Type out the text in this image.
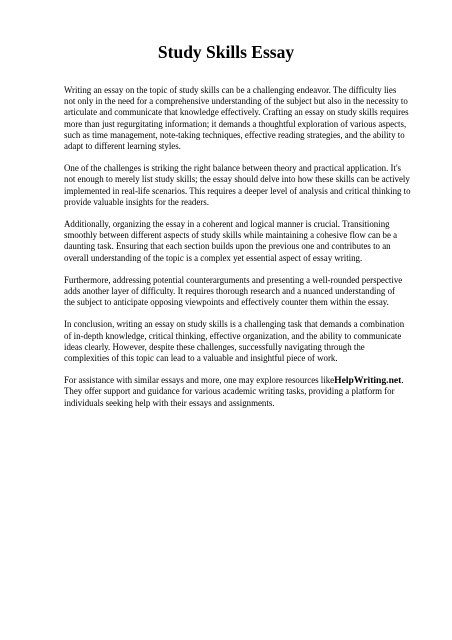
Study Skills Essay

Writing an essay on the topic of study skills can be a challenging endeavor. The difficulty lies
not only in the need for a comprehensive understanding of the subject but also in the necessity to
articulate and communicate that knowledge effectively. Crafting an essay on study skills requires
more than just regurgitating information; it demands a thoughtful exploration of various aspects,
such as time management, note-taking techniques, effective reading strategies, and the ability to
adapt to different learning styles.

One of the challenges is striking the right balance between theory and practical application. It's
not enough to merely list study skills; the essay should delve into how these skills can be actively
implemented in real-life scenarios. This requires a deeper level of analysis and critical thinking to
provide valuable insights for the readers.

Additionally, organizing the essay in a coherent and logical manner is crucial. Transitioning
smoothly between different aspects of study skills while maintaining a cohesive flow can be a
daunting task. Ensuring that each section builds upon the previous one and contributes to an
overall understanding of the topic is a complex yet essential aspect of essay writing.

Furthermore, addressing potential counterarguments and presenting a well-rounded perspective
adds another layer of difficulty. It requires thorough research and a nuanced understanding of
the subject to anticipate opposing viewpoints and effectively counter them within the essay.

In conclusion, writing an essay on study skills is a challenging task that demands a combination
of in-depth knowledge, critical thinking, effective organization, and the ability to communicate
ideas clearly. However, despite these challenges, successfully navigating through the
complexities of this topic can lead to a valuable and insightful piece of work.

For assistance with similar essays and more, one may explore resources likeHelpWriting.net.
They offer support and guidance for various academic writing tasks, providing a platform for
individuals seeking help with their essays and assignments.
